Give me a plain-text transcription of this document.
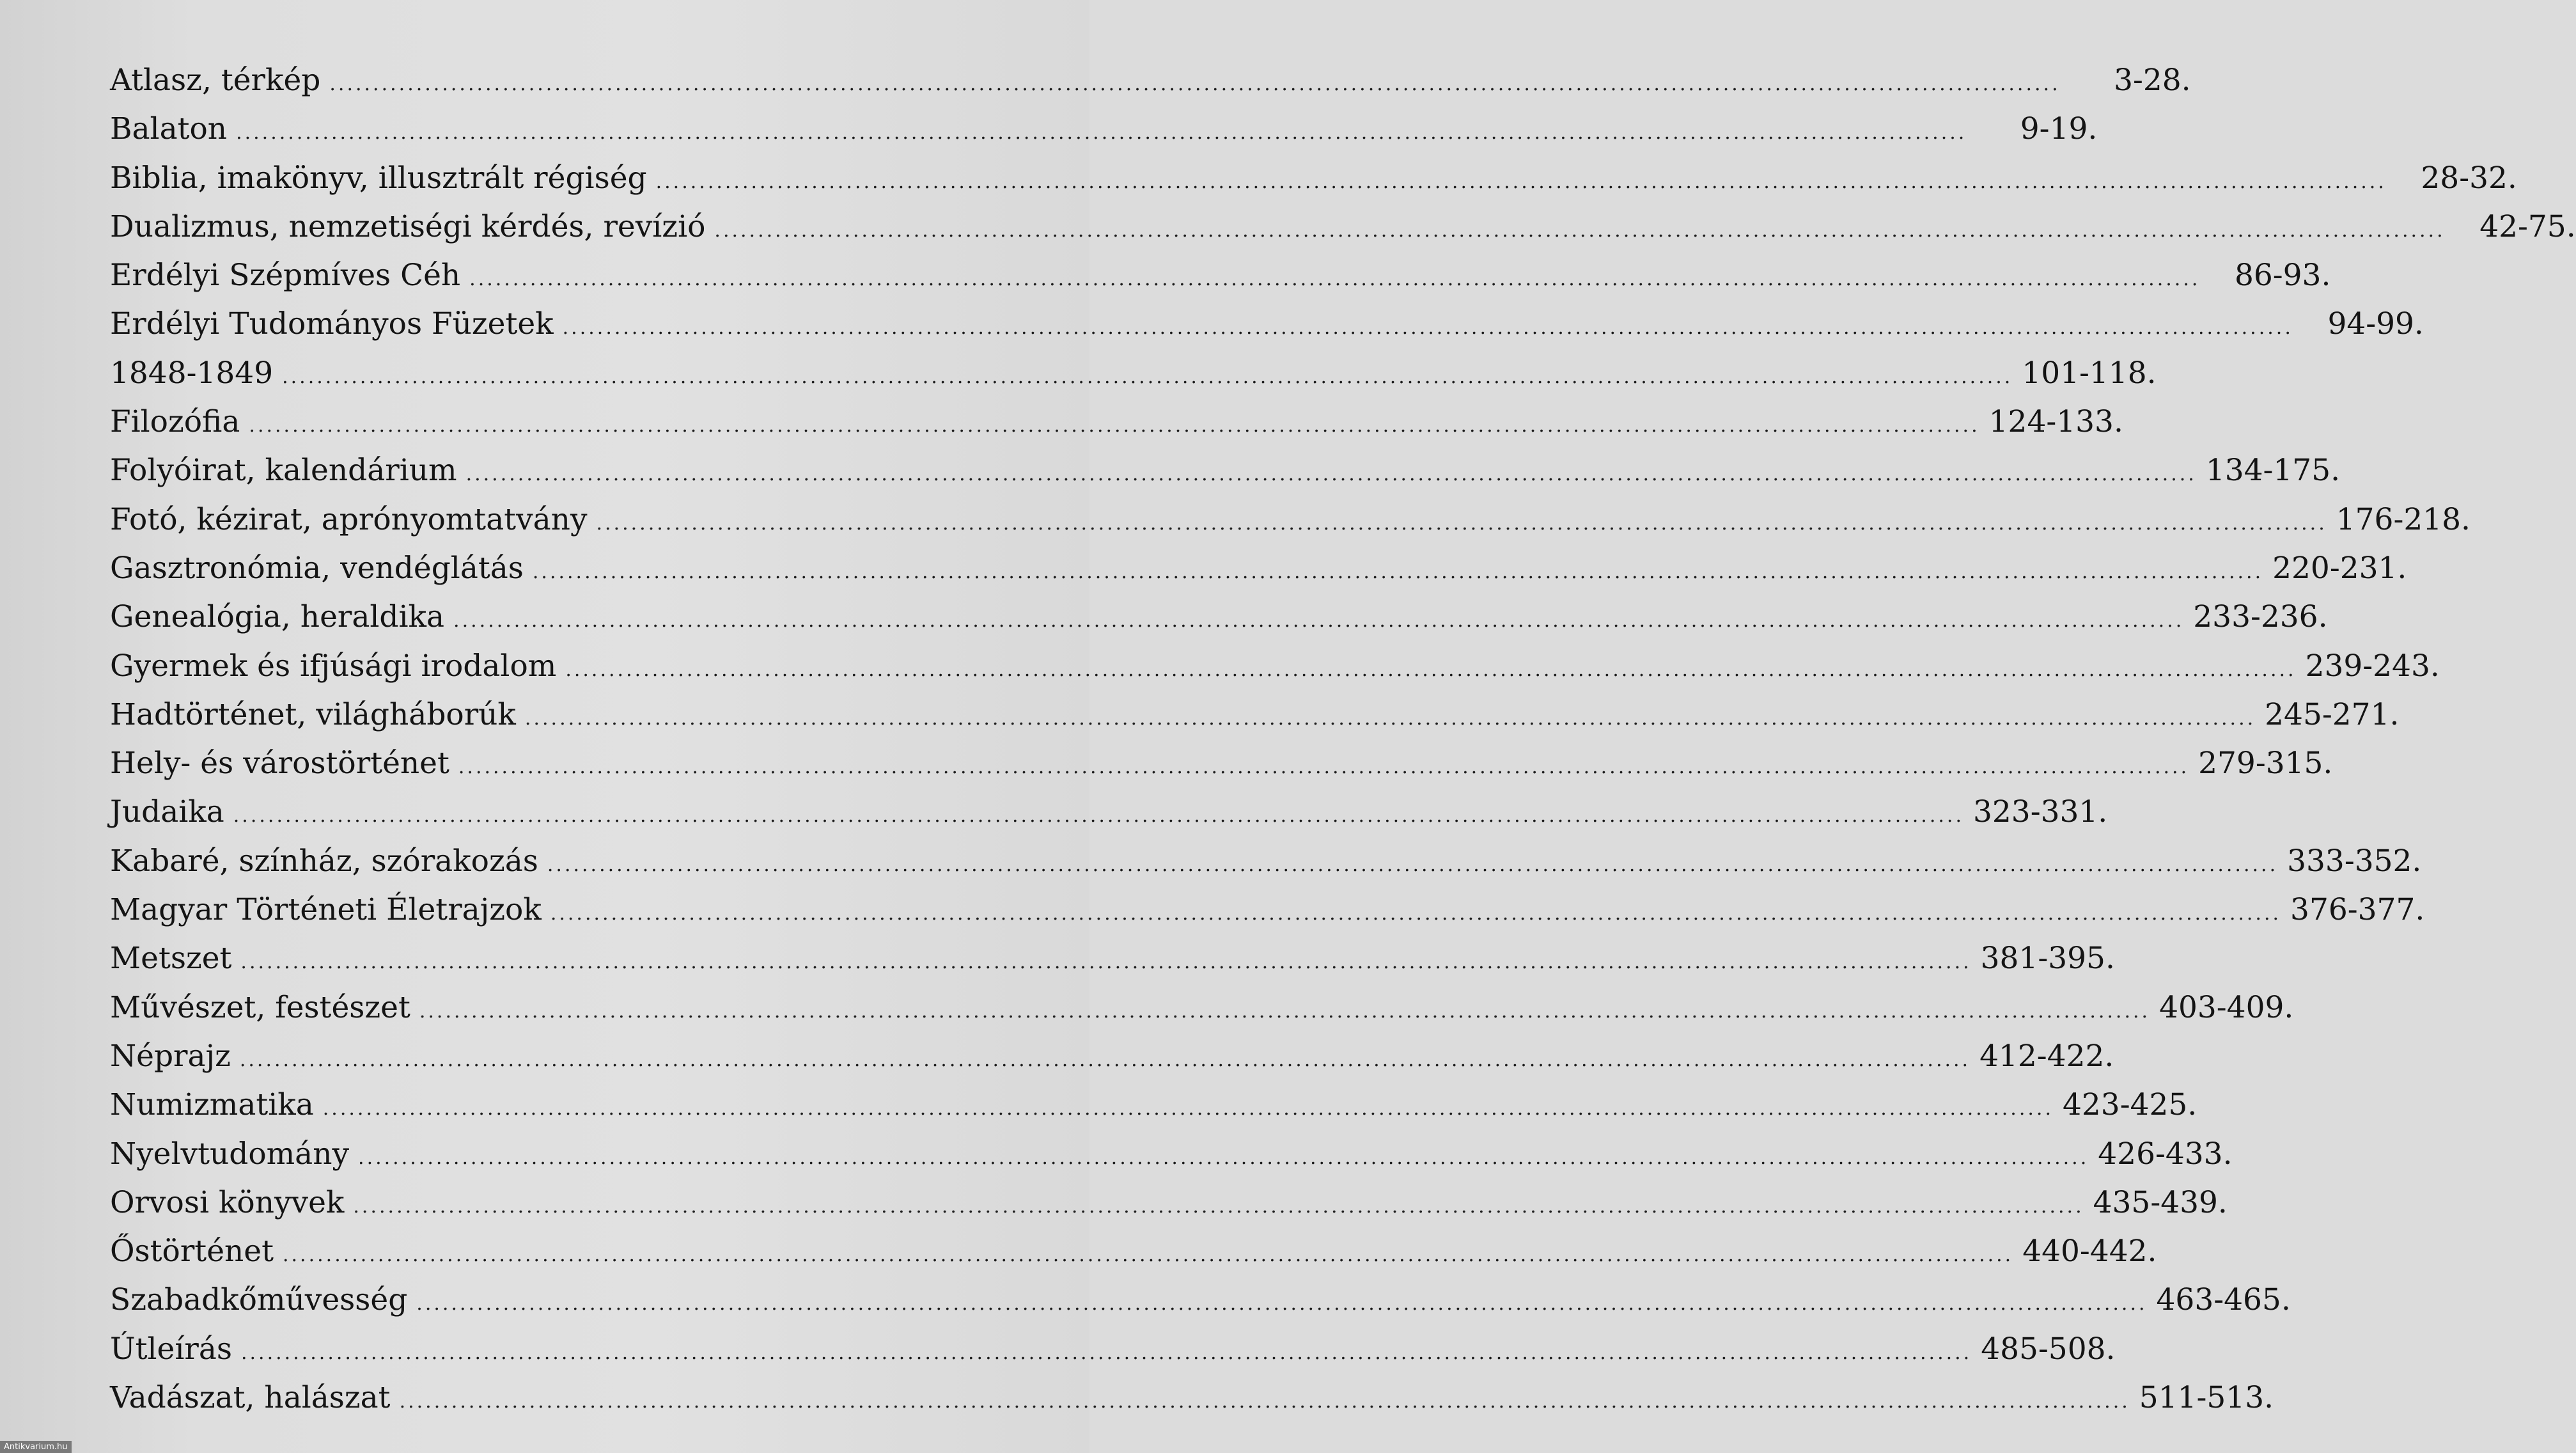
Atlasz, térkép ........................................................................................................................................................................................................	3-28.
Balaton ........................................................................................................................................................................................................	9-19.
Biblia, imakönyv, illusztrált régiség ........................................................................................................................................................................................................	28-32.
Dualizmus, nemzetiségi kérdés, revízió ........................................................................................................................................................................................................	42-75.
Erdélyi Szépmíves Céh ........................................................................................................................................................................................................	86-93.
Erdélyi Tudományos Füzetek ........................................................................................................................................................................................................	94-99.
1848-1849 ........................................................................................................................................................................................................ 101-118.
Filozófia ........................................................................................................................................................................................................ 124-133.
Folyóirat, kalendárium ........................................................................................................................................................................................................ 134-175.
Fotó, kézirat, aprónyomtatvány ........................................................................................................................................................................................................ 176-218.
Gasztronómia, vendéglátás ........................................................................................................................................................................................................ 220-231.
Genealógia, heraldika ........................................................................................................................................................................................................ 233-236.
Gyermek és ifjúsági irodalom ........................................................................................................................................................................................................ 239-243.
Hadtörténet, világháborúk ........................................................................................................................................................................................................ 245-271.
Hely- és várostörténet ........................................................................................................................................................................................................ 279-315.
Judaika ........................................................................................................................................................................................................ 323-331.
Kabaré, színház, szórakozás ........................................................................................................................................................................................................ 333-352.
Magyar Történeti Életrajzok ........................................................................................................................................................................................................ 376-377.
Metszet ........................................................................................................................................................................................................ 381-395.
Művészet, festészet ........................................................................................................................................................................................................ 403-409.
Néprajz ........................................................................................................................................................................................................ 412-422.
Numizmatika ........................................................................................................................................................................................................ 423-425.
Nyelvtudomány ........................................................................................................................................................................................................ 426-433.
Orvosi könyvek ........................................................................................................................................................................................................ 435-439.
Őstörténet ........................................................................................................................................................................................................ 440-442.
Szabadkőművesség ........................................................................................................................................................................................................ 463-465.
Útleírás ........................................................................................................................................................................................................ 485-508.
Vadászat, halászat ........................................................................................................................................................................................................ 511-513.
Antikvarium.hu
